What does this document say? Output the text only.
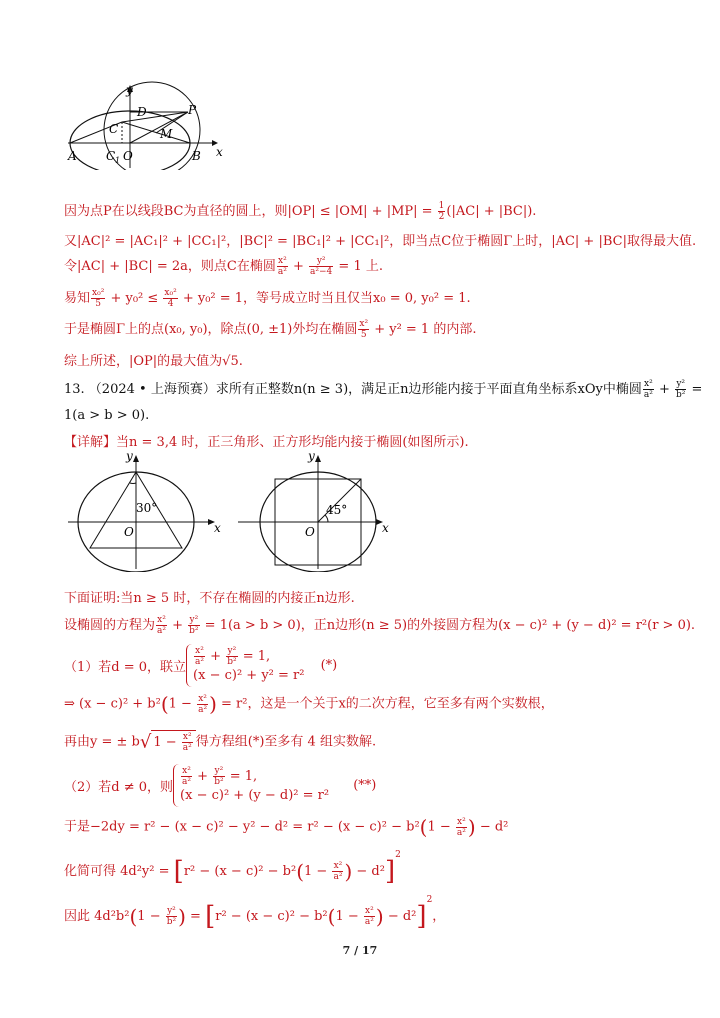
y
x
D	P
C	M
A C 1 O	B
因为点P在以线段BC为直径的圆上，则$|OP| \le |OM| + |MP| = \frac{1}{2} (|AC| + |BC|)$.
又|AC|² = |AC₁|² + |CC₁|²，|BC|² = |BC₁|² + |CC₁|²，即当点C位于椭圆Γ上时，|AC| + |BC|取得最大值.
令|AC| + |BC| = 2a，则点C在椭圆 $\frac{\text{x²}}{\text{a²}} + \frac{\text{y²}}{\text{a²−4}} = 1$ 上.
易知 $\frac{\text{x₀²}}{5} + y_0^2 \le \frac{\text{x₀²}}{4} + y_0^2 = 1$，等号成立时当且仅当x₀ = 0, y₀² = 1.
于是椭圆Γ上的点(x₀, y₀)，除点(0, ±1)外均在椭圆 $\frac{\text{x²}}{5} + y^2 = 1$ 的内部.
综上所述，|OP|的最大值为√5.
13. （2024 • 上海预赛）求所有正整数n(n ≥ 3)，满足正n边形能内接于平面直角坐标系xOy中椭圆 $\frac{\text{x²}}{\text{a²}} + \frac{\text{y²}}{\text{b²}}$ =
1(a > b > 0).
【详解】当n = 3,4 时，正三角形、正方形均能内接于椭圆(如图所示).
y
x
30°
O
y
x
45°
O
下面证明:当n ≥ 5 时，不存在椭圆的内接正n边形.
设椭圆的方程为 $\frac{\text{x²}}{\text{a²}} + \frac{\text{y²}}{\text{b²}} = 1(a > b > 0)$，正n边形(n ≥ 5)的外接圆方程为(x − c)² + (y − d)² = r²(r > 0).
（1）若d = 0，联立
$\frac{\text{x²}}{\text{a²}} + \frac{\text{y²}}{\text{b²}} = 1$,
(x − c)² + y² = r²
(*)
⇒ $(x - c)^2 + b^2(1 - \frac{\text{x²}}{\text{a²}}$ ) = r²，这是一个关于x的二次方程，它至多有两个实数根，
再由y = ± b√ $1 - \frac{\text{x²}}{\text{a²}}$ 得方程组(*)至多有 4 组实数解.
（2）若d ≠ 0，则
$\frac{\text{x²}}{\text{a²}} + \frac{\text{y²}}{\text{b²}} = 1$,
(x − c)² + (y − d)² = r²
(**)
于是$-2dy = r^2 - (x - c)^2 - y^2 - d^2 = r^2 - (x - c)^2 - b^2(1 - \frac{\text{x²}}{\text{a²}}$ ) − d²
化简可得 $4d^2y^2 = [r^2 - (x - c)^2 - b^2(1 - \frac{\text{x²}}{\text{a²}}$ ) − d²]$^2$
因此 $4d^2b^2(1 - \frac{\text{y²}}{\text{b²}}$ ) = [$r^2 - (x - c)^2 - b^2(1 - \frac{\text{x²}}{\text{a²}}$ ) − d²]$^2$，
7 / 17
